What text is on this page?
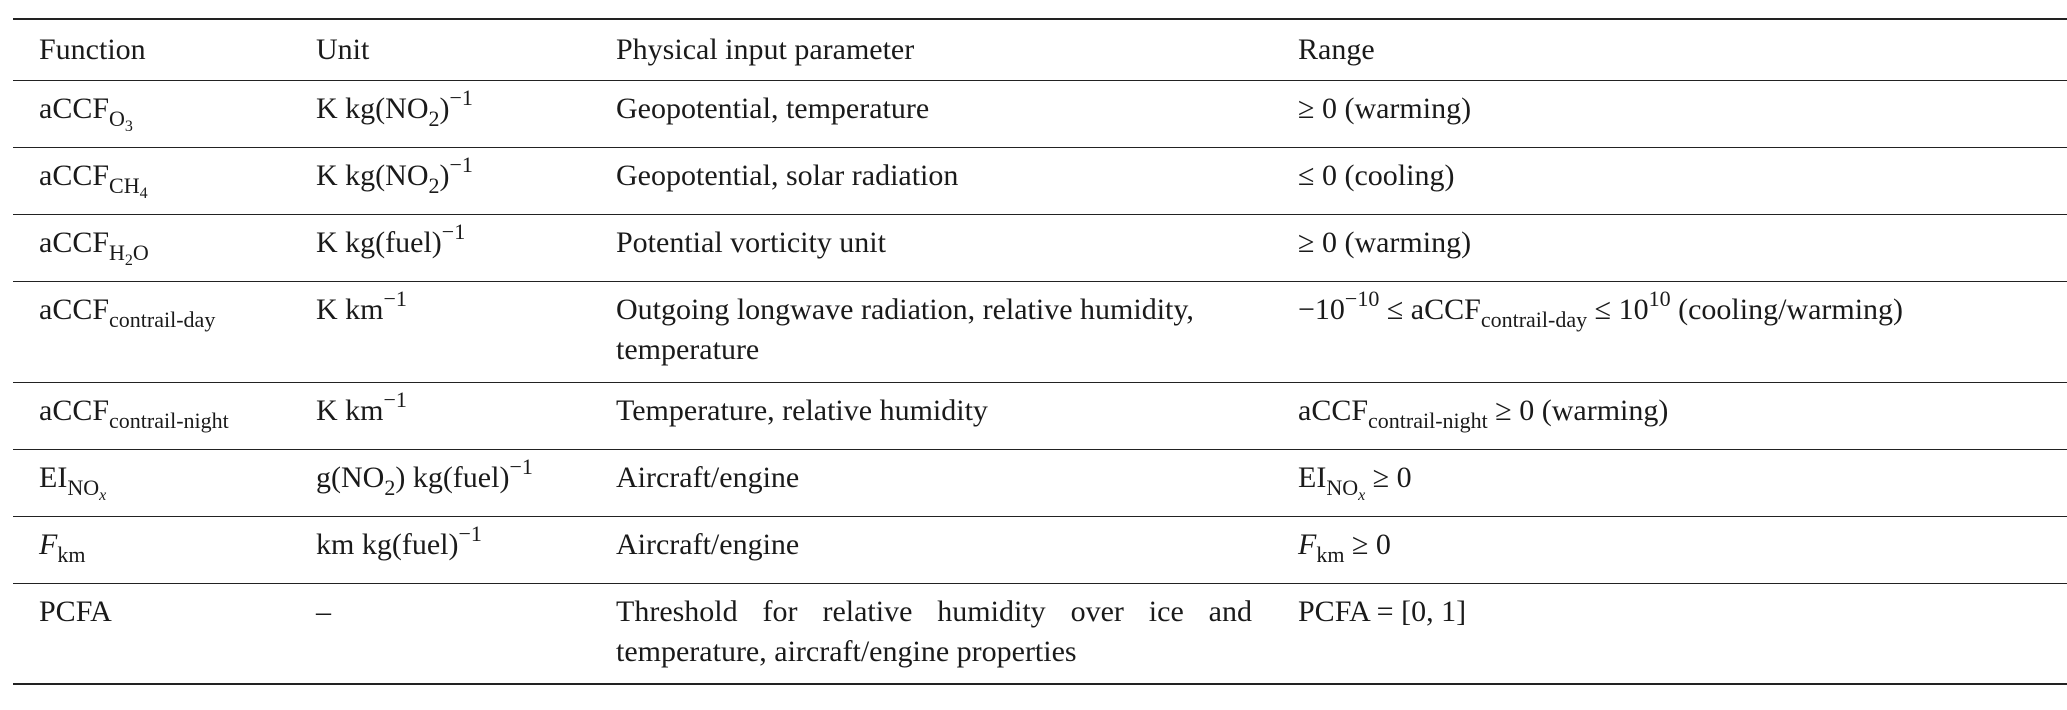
Function	Unit	Physical input parameter	Range
aCCF$_{O_3}$	K $kg(NO_2)^{-1}$	Geopotential, temperature	≥ 0 (warming)
aCCF$_{CH_4}$	K $kg(NO_2)^{-1}$	Geopotential, solar radiation	≤ 0 (cooling)
aCCF$_{H_2O}$	K kg(fuel)$^{-1}$	Potential vorticity unit	≥ 0 (warming)
aCCF$_{contrail-day}$	K $km^{-1}$	Outgoing longwave radiation, relative humidity, temperature	$-10^{-10}$ ≤ aCCF$_{contrail-day}$ ≤ $10^{10}$ (cooling/warming)
aCCF$_{contrail-night}$	K $km^{-1}$	Temperature, relative humidity	aCCF$_{contrail-night}$ ≥ 0 (warming)
$EI_{NO_x}$	$g(NO_2)$ kg(fuel)$^{-1}$	Aircraft/engine	$EI_{NO_x} \ge 0$
$F_{km}$	km kg(fuel)$^{-1}$	Aircraft/engine	$F_{km} \ge 0$
PCFA	–	Threshold for relative humidity over ice and temperature, aircraft/engine properties	PCFA = [0, 1]
